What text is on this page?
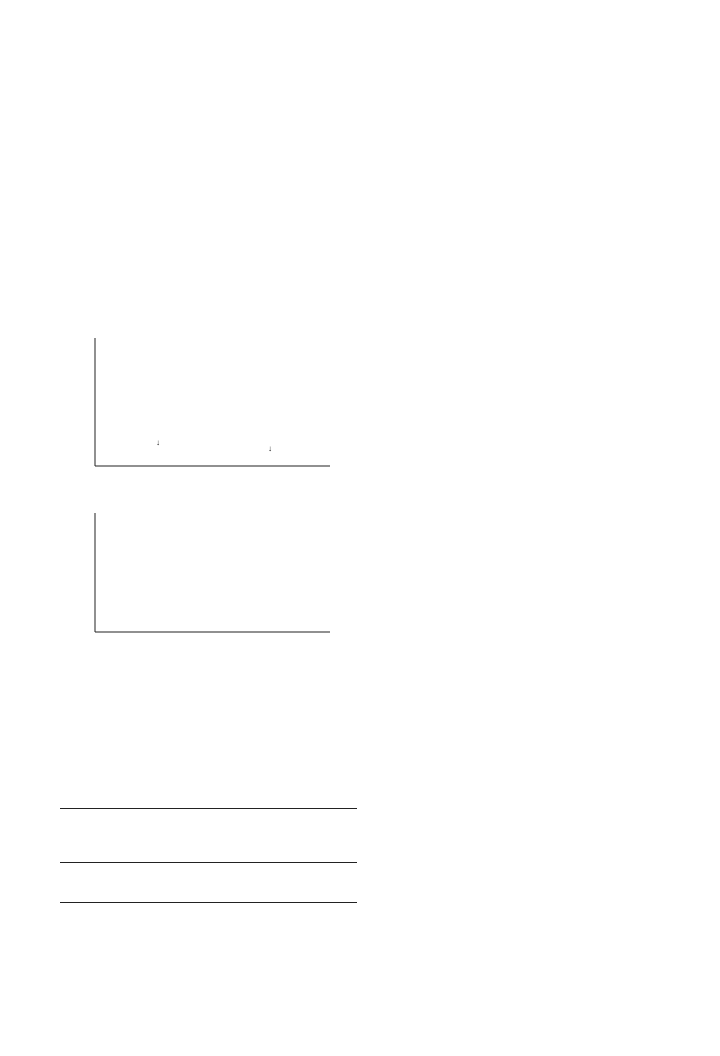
↓
↓
